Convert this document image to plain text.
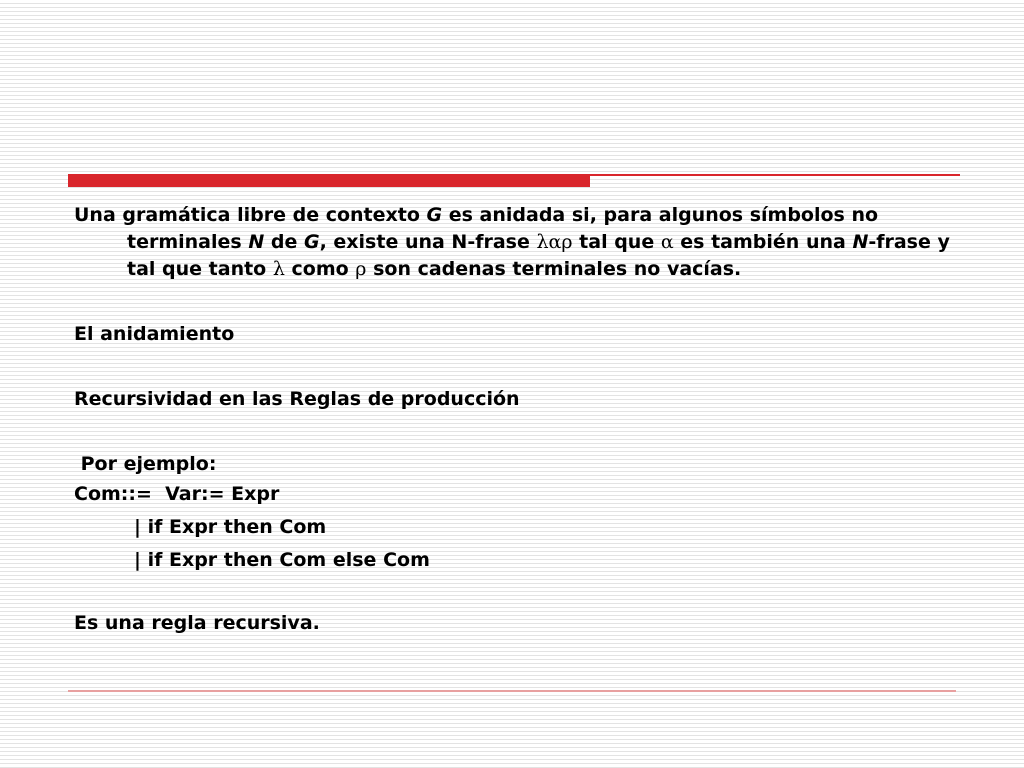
Una gramática libre de contexto G es anidada si, para algunos símbolos no terminales N de G, existe una N-frase λαρ tal que α es también una N-frase y tal que tanto λ como ρ son cadenas terminales no vacías.

El anidamiento

Recursividad en las Reglas de producción

Por ejemplo:

Com::=  Var:= Expr

| if Expr then Com

| if Expr then Com else Com

Es una regla recursiva.
